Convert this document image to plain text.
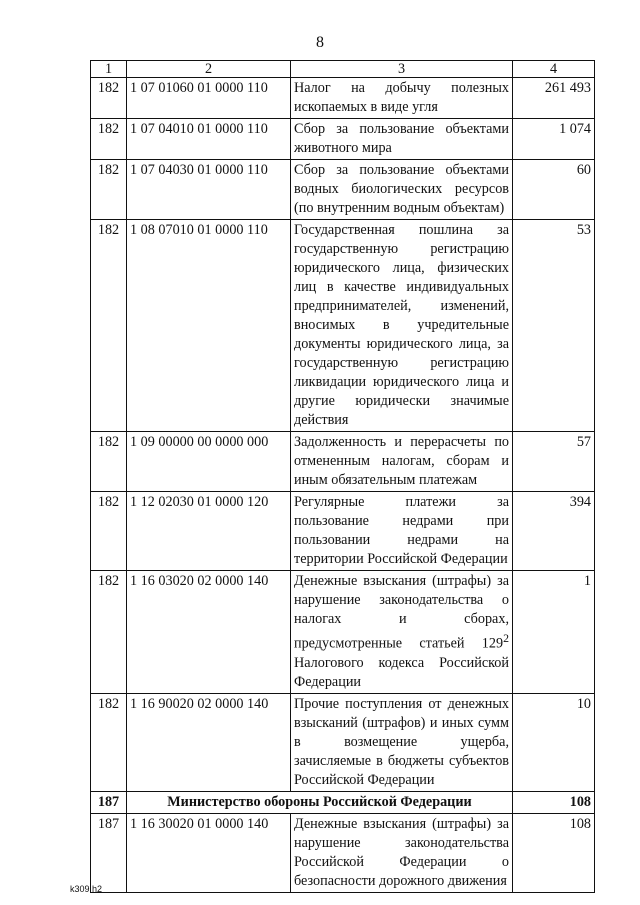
8
1	2	3	4
182	1 07 01060 01 0000 110	Налог на добычу полезных ископаемых в виде угля	261 493
182	1 07 04010 01 0000 110	Сбор за пользование объектами животного мира	1 074
182	1 07 04030 01 0000 110	Сбор за пользование объектами водных биологических ресурсов (по внутренним водным объектам)	60
182	1 08 07010 01 0000 110	Государственная пошлина за государственную регистрацию юридического лица, физических лиц в качестве индивидуальных предпринимателей, изменений, вносимых в учредительные документы юридического лица, за государственную регистрацию ликвидации юридического лица и другие юридически значимые действия	53
182	1 09 00000 00 0000 000	Задолженность и перерасчеты по отмененным налогам, сборам и иным обязательным платежам	57
182	1 12 02030 01 0000 120	Регулярные платежи за пользование недрами при пользовании недрами на территории Российской Федерации	394
182	1 16 03020 02 0000 140	Денежные взыскания (штрафы) за нарушение законодательства о налогах и сборах, предусмотренные статьей $129^2$ Налогового кодекса Российской Федерации	1
182	1 16 90020 02 0000 140	Прочие поступления от денежных взысканий (штрафов) и иных сумм в возмещение ущерба, зачисляемые в бюджеты субъектов Российской Федерации	10
187	Министерство обороны Российской Федерации		108
187	1 16 30020 01 0000 140	Денежные взыскания (штрафы) за нарушение законодательства Российской Федерации о безопасности дорожного движения	108
k309 h2
